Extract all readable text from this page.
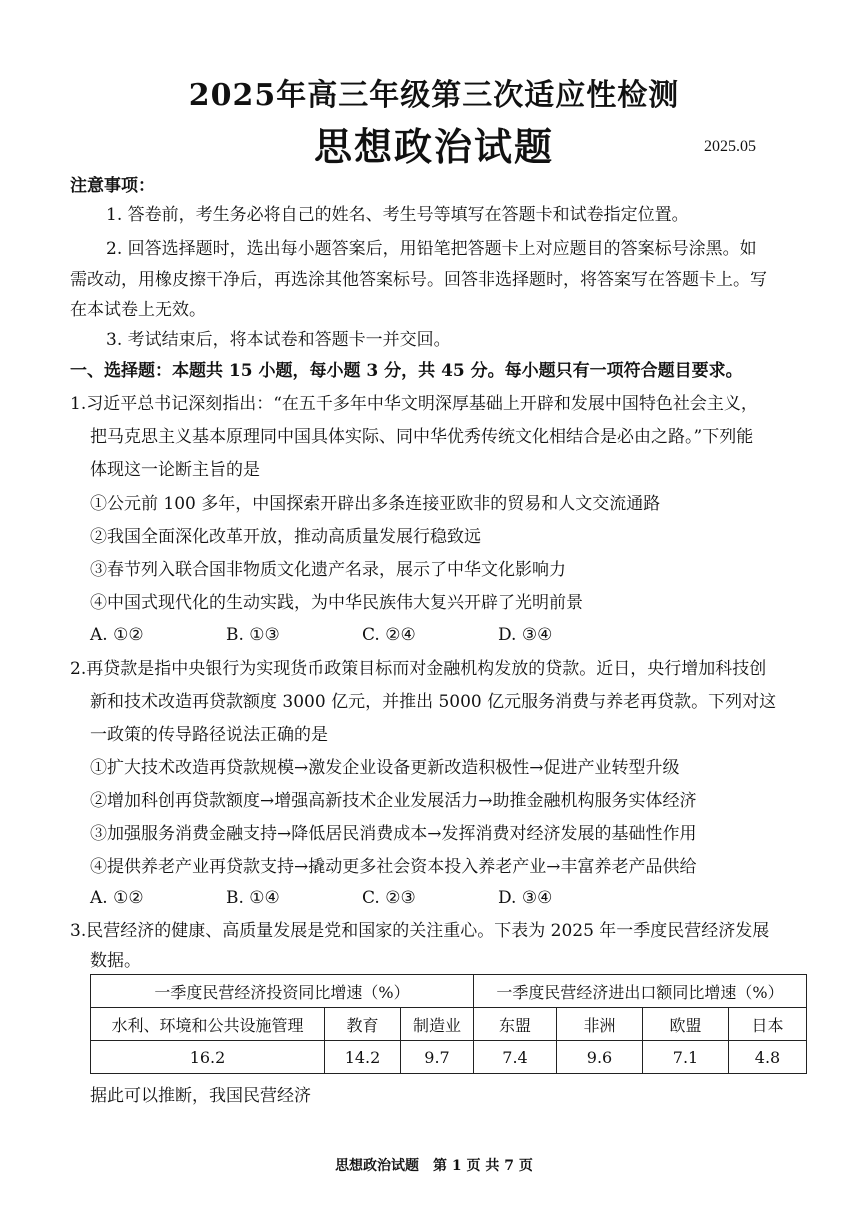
2025年高三年级第三次适应性检测
思想政治试题	2025.05
注意事项：
1. 答卷前，考生务必将自己的姓名、考生号等填写在答题卡和试卷指定位置。
2. 回答选择题时，选出每小题答案后，用铅笔把答题卡上对应题目的答案标号涂黑。如
需改动，用橡皮擦干净后，再选涂其他答案标号。回答非选择题时，将答案写在答题卡上。写
在本试卷上无效。
3. 考试结束后，将本试卷和答题卡一并交回。
一、选择题：本题共 15 小题，每小题 3 分，共 45 分。每小题只有一项符合题目要求。
1.习近平总书记深刻指出：“在五千多年中华文明深厚基础上开辟和发展中国特色社会主义，
把马克思主义基本原理同中国具体实际、同中华优秀传统文化相结合是必由之路。”下列能
体现这一论断主旨的是
①公元前 100 多年，中国探索开辟出多条连接亚欧非的贸易和人文交流通路
②我国全面深化改革开放，推动高质量发展行稳致远
③春节列入联合国非物质文化遗产名录，展示了中华文化影响力
④中国式现代化的生动实践，为中华民族伟大复兴开辟了光明前景
A. ①②	B. ①③	C. ②④	D. ③④
2.再贷款是指中央银行为实现货币政策目标而对金融机构发放的贷款。近日，央行增加科技创
新和技术改造再贷款额度 3000 亿元，并推出 5000 亿元服务消费与养老再贷款。下列对这
一政策的传导路径说法正确的是
①扩大技术改造再贷款规模→激发企业设备更新改造积极性→促进产业转型升级
②增加科创再贷款额度→增强高新技术企业发展活力→助推金融机构服务实体经济
③加强服务消费金融支持→降低居民消费成本→发挥消费对经济发展的基础性作用
④提供养老产业再贷款支持→撬动更多社会资本投入养老产业→丰富养老产品供给
A. ①②	B. ①④	C. ②③	D. ③④
3.民营经济的健康、高质量发展是党和国家的关注重心。下表为 2025 年一季度民营经济发展
数据。
一季度民营经济投资同比增速（%）			一季度民营经济进出口额同比增速（%）			
水利、环境和公共设施管理	教育	制造业	东盟	非洲	欧盟	日本
16.2	14.2	9.7	7.4	9.6	7.1	4.8
据此可以推断，我国民营经济
思想政治试题　第 1 页 共 7 页
